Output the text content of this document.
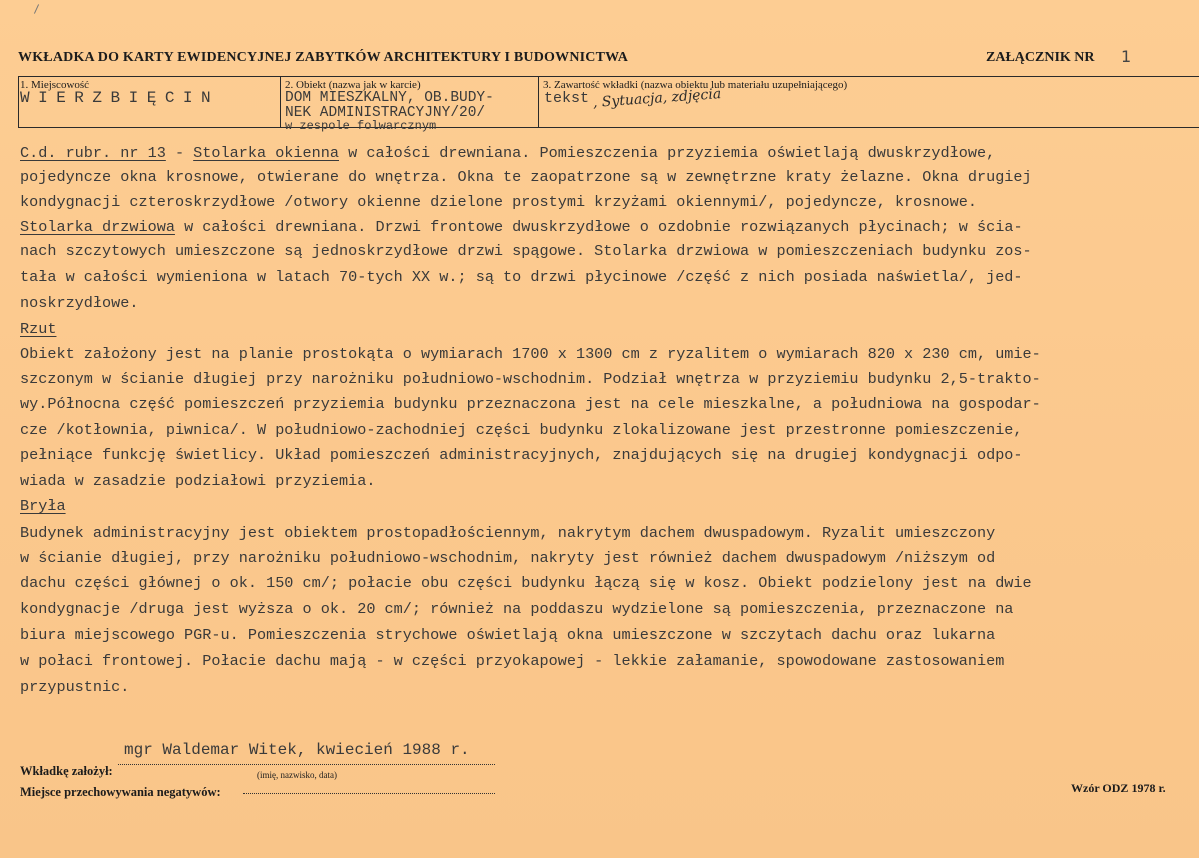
WKŁADKA DO KARTY EWIDENCYJNEJ ZABYTKÓW ARCHITEKTURY I BUDOWNICTWA	ZAŁĄCZNIK NR 1
1. Miejscowość
WIERZBIĘCIN
2. Obiekt (nazwa jak w karcie)
DOM MIESZKALNY, OB.BUDY-
NEK ADMINISTRACYJNY/20/
w zespole folwarcznym
3. Zawartość wkładki (nazwa obiektu lub materiału uzupełniającego)
tekst , Sytuacja, zdjęcia
C.d. rubr. nr 13 - Stolarka okienna w całości drewniana. Pomieszczenia przyziemia oświetlają dwuskrzydłowe,
pojedyncze okna krosnowe, otwierane do wnętrza. Okna te zaopatrzone są w zewnętrzne kraty żelazne. Okna drugiej
kondygnacji czteroskrzydłowe /otwory okienne dzielone prostymi krzyżami okiennymi/, pojedyncze, krosnowe.
Stolarka drzwiowa w całości drewniana. Drzwi frontowe dwuskrzydłowe o ozdobnie rozwiązanych płycinach; w ścia-
nach szczytowych umieszczone są jednoskrzydłowe drzwi spągowe. Stolarka drzwiowa w pomieszczeniach budynku zos-
tała w całości wymieniona w latach 70-tych XX w.; są to drzwi płycinowe /część z nich posiada naświetla/, jed-
noskrzydłowe.
Rzut
Obiekt założony jest na planie prostokąta o wymiarach 1700 x 1300 cm z ryzalitem o wymiarach 820 x 230 cm, umie-
szczonym w ścianie długiej przy narożniku południowo-wschodnim. Podział wnętrza w przyziemiu budynku 2,5-trakto-
wy.Północna część pomieszczeń przyziemia budynku przeznaczona jest na cele mieszkalne, a południowa na gospodar-
cze /kotłownia, piwnica/. W południowo-zachodniej części budynku zlokalizowane jest przestronne pomieszczenie,
pełniące funkcję świetlicy. Układ pomieszczeń administracyjnych, znajdujących się na drugiej kondygnacji odpo-
wiada w zasadzie podziałowi przyziemia.
Bryła
Budynek administracyjny jest obiektem prostopadłościennym, nakrytym dachem dwuspadowym. Ryzalit umieszczony
w ścianie długiej, przy narożniku południowo-wschodnim, nakryty jest również dachem dwuspadowym /niższym od
dachu części głównej o ok. 150 cm/; połacie obu części budynku łączą się w kosz. Obiekt podzielony jest na dwie
kondygnacje /druga jest wyższa o ok. 20 cm/; również na poddaszu wydzielone są pomieszczenia, przeznaczone na
biura miejscowego PGR-u. Pomieszczenia strychowe oświetlają okna umieszczone w szczytach dachu oraz lukarna
w połaci frontowej. Połacie dachu mają - w części przyokapowej - lekkie załamanie, spowodowane zastosowaniem
przypustnic.
Wkładkę założył:
mgr Waldemar Witek, kwiecień 1988 r.
(imię, nazwisko, data)
Miejsce przechowywania negatywów:	Wzór ODZ 1978 r.
